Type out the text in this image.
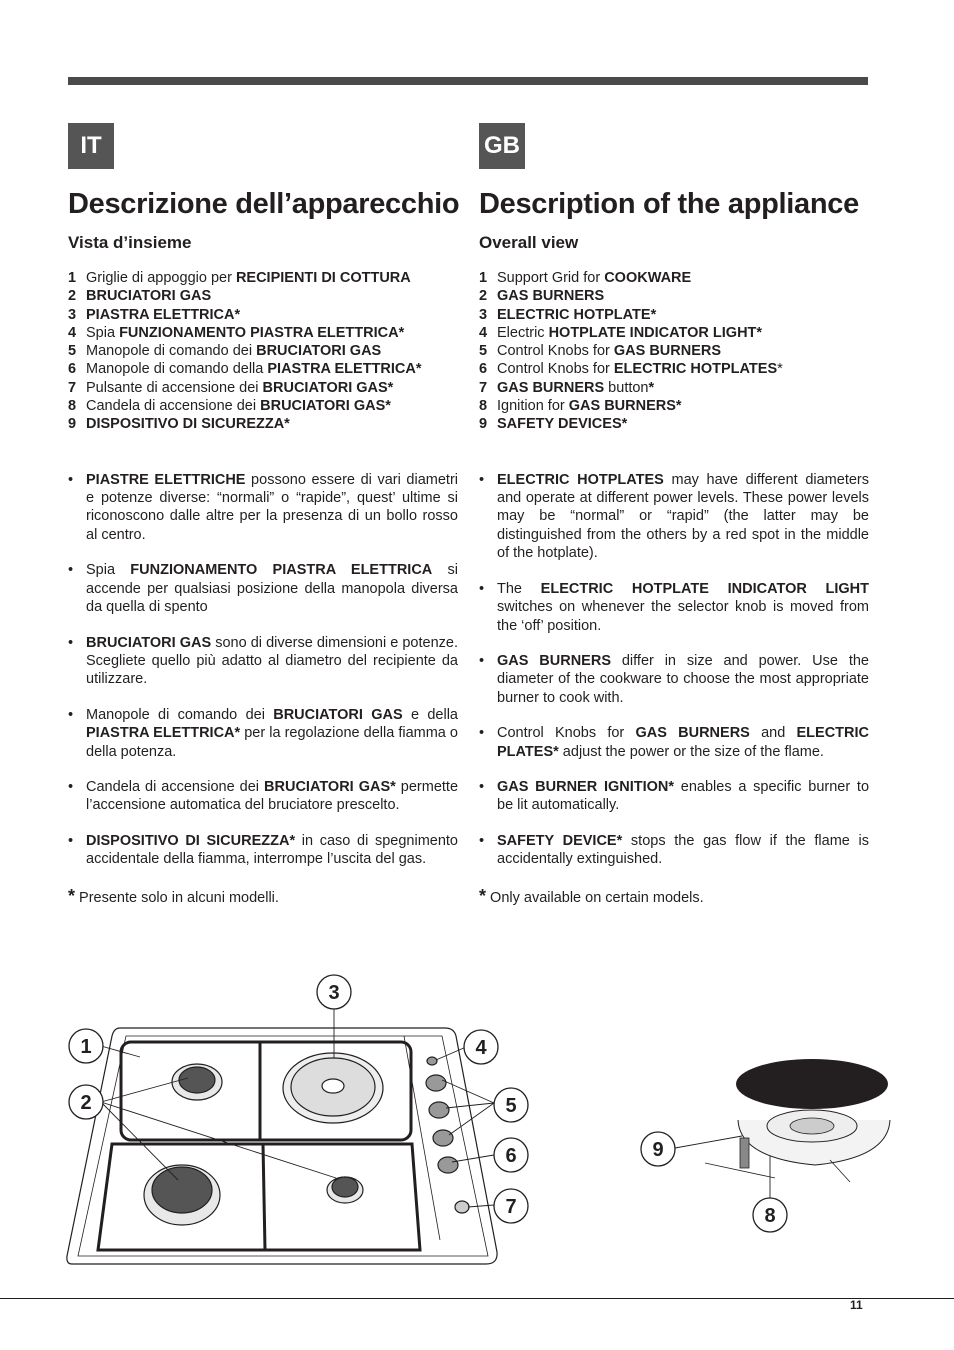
IT	GB
Descrizione dell’apparecchio
Vista d’insieme
1 Griglie di appoggio per RECIPIENTI DI COTTURA
2 BRUCIATORI GAS
3 PIASTRA ELETTRICA*
4 Spia FUNZIONAMENTO PIASTRA ELETTRICA*
5 Manopole di comando dei BRUCIATORI GAS
6 Manopole di comando della PIASTRA ELETTRICA*
7 Pulsante di accensione dei BRUCIATORI GAS*
8 Candela di accensione dei BRUCIATORI GAS*
9 DISPOSITIVO DI SICUREZZA*
• PIASTRE ELETTRICHE possono essere di vari diametri e potenze diverse: “normali” o “rapide”, quest’ ultime si riconoscono dalle altre per la presenza di un bollo rosso al centro.
• Spia FUNZIONAMENTO PIASTRA ELETTRICA si accende per qualsiasi posizione della manopola diversa da quella di spento
• BRUCIATORI GAS sono di diverse dimensioni e potenze. Scegliete quello più adatto al diametro del recipiente da utilizzare.
• Manopole di comando dei BRUCIATORI GAS e della PIASTRA ELETTRICA* per la regolazione della fiamma o della potenza.
• Candela di accensione dei BRUCIATORI GAS* permette l’accensione automatica del bruciatore prescelto.
• DISPOSITIVO DI SICUREZZA* in caso di spegnimento accidentale della fiamma, interrompe l’uscita del gas.
* Presente solo in alcuni modelli.
Description of the appliance
Overall view
1 Support Grid for COOKWARE
2 GAS BURNERS
3 ELECTRIC HOTPLATE*
4 Electric HOTPLATE INDICATOR LIGHT*
5 Control Knobs for GAS BURNERS
6 Control Knobs for ELECTRIC HOTPLATES*
7 GAS BURNERS button*
8 Ignition for GAS BURNERS*
9 SAFETY DEVICES*
• ELECTRIC HOTPLATES may have different diameters and operate at different power levels. These power levels may be “normal” or “rapid” (the latter may be distinguished from the others by a red spot in the middle of the hotplate).
• The ELECTRIC HOTPLATE INDICATOR LIGHT switches on whenever the selector knob is moved from the ‘off’ position.
• GAS BURNERS differ in size and power. Use the diameter of the cookware to choose the most appropriate burner to cook with.
• Control Knobs for GAS BURNERS and ELECTRIC PLATES* adjust the power or the size of the flame.
• GAS BURNER IGNITION* enables a specific burner to be lit automatically.
• SAFETY DEVICE* stops the gas flow if the flame is accidentally extinguished.
* Only available on certain models.
1
2
3
4
5
6
7	8
9
11
